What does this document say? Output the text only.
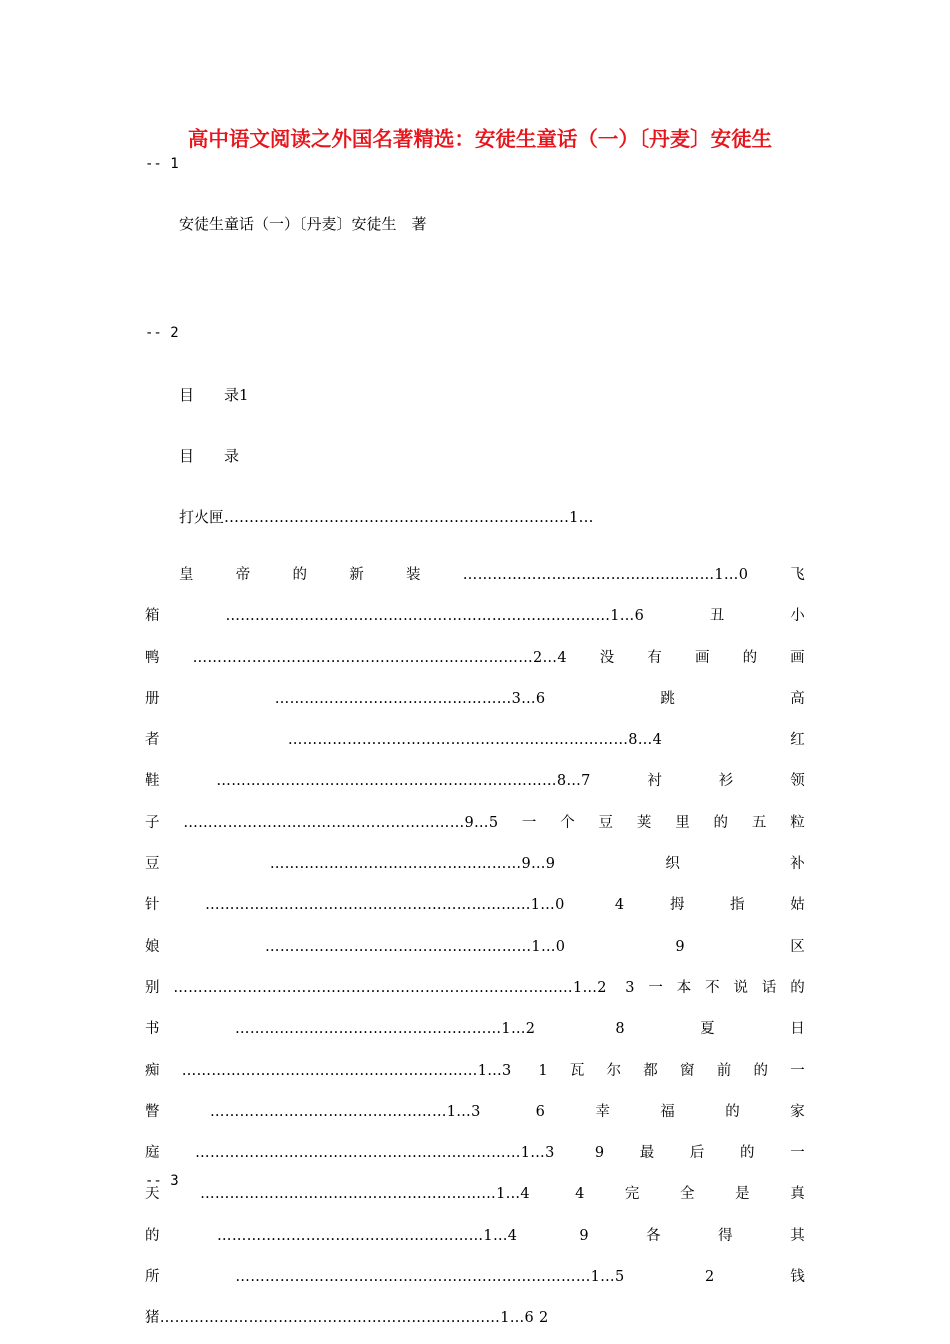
高中语文阅读之外国名著精选：安徒生童话（一）〔丹麦〕安徒生
-- 1
安徒生童话（一）〔丹麦〕安徒生　著
-- 2
目　　录1
目　　录
打火匣……………………………………………………………1…
皇帝的新装……………………………………………1…0飞箱……………………………………………………………………1…6丑小鸭……………………………………………………………2…4没有画的画册…………………………………………3…6跳高者……………………………………………………………8…4红鞋……………………………………………………………8…7衬衫领子…………………………………………………9…5一个豆荚里的五粒豆……………………………………………9…9织补针…………………………………………………………1…0 4拇指姑娘………………………………………………1…0 9区别………………………………………………………………………1…2 3一本不说话的书………………………………………………1…2 8夏日痴……………………………………………………1…3 1瓦尔都窗前的一瞥…………………………………………1…3 6幸福的家庭…………………………………………………………1…3 9最后的一天……………………………………………………1…4 4完全是真的………………………………………………1…4 9各得其所………………………………………………………………1…5 2钱猪……………………………………………………………1…6 2
-- 3
